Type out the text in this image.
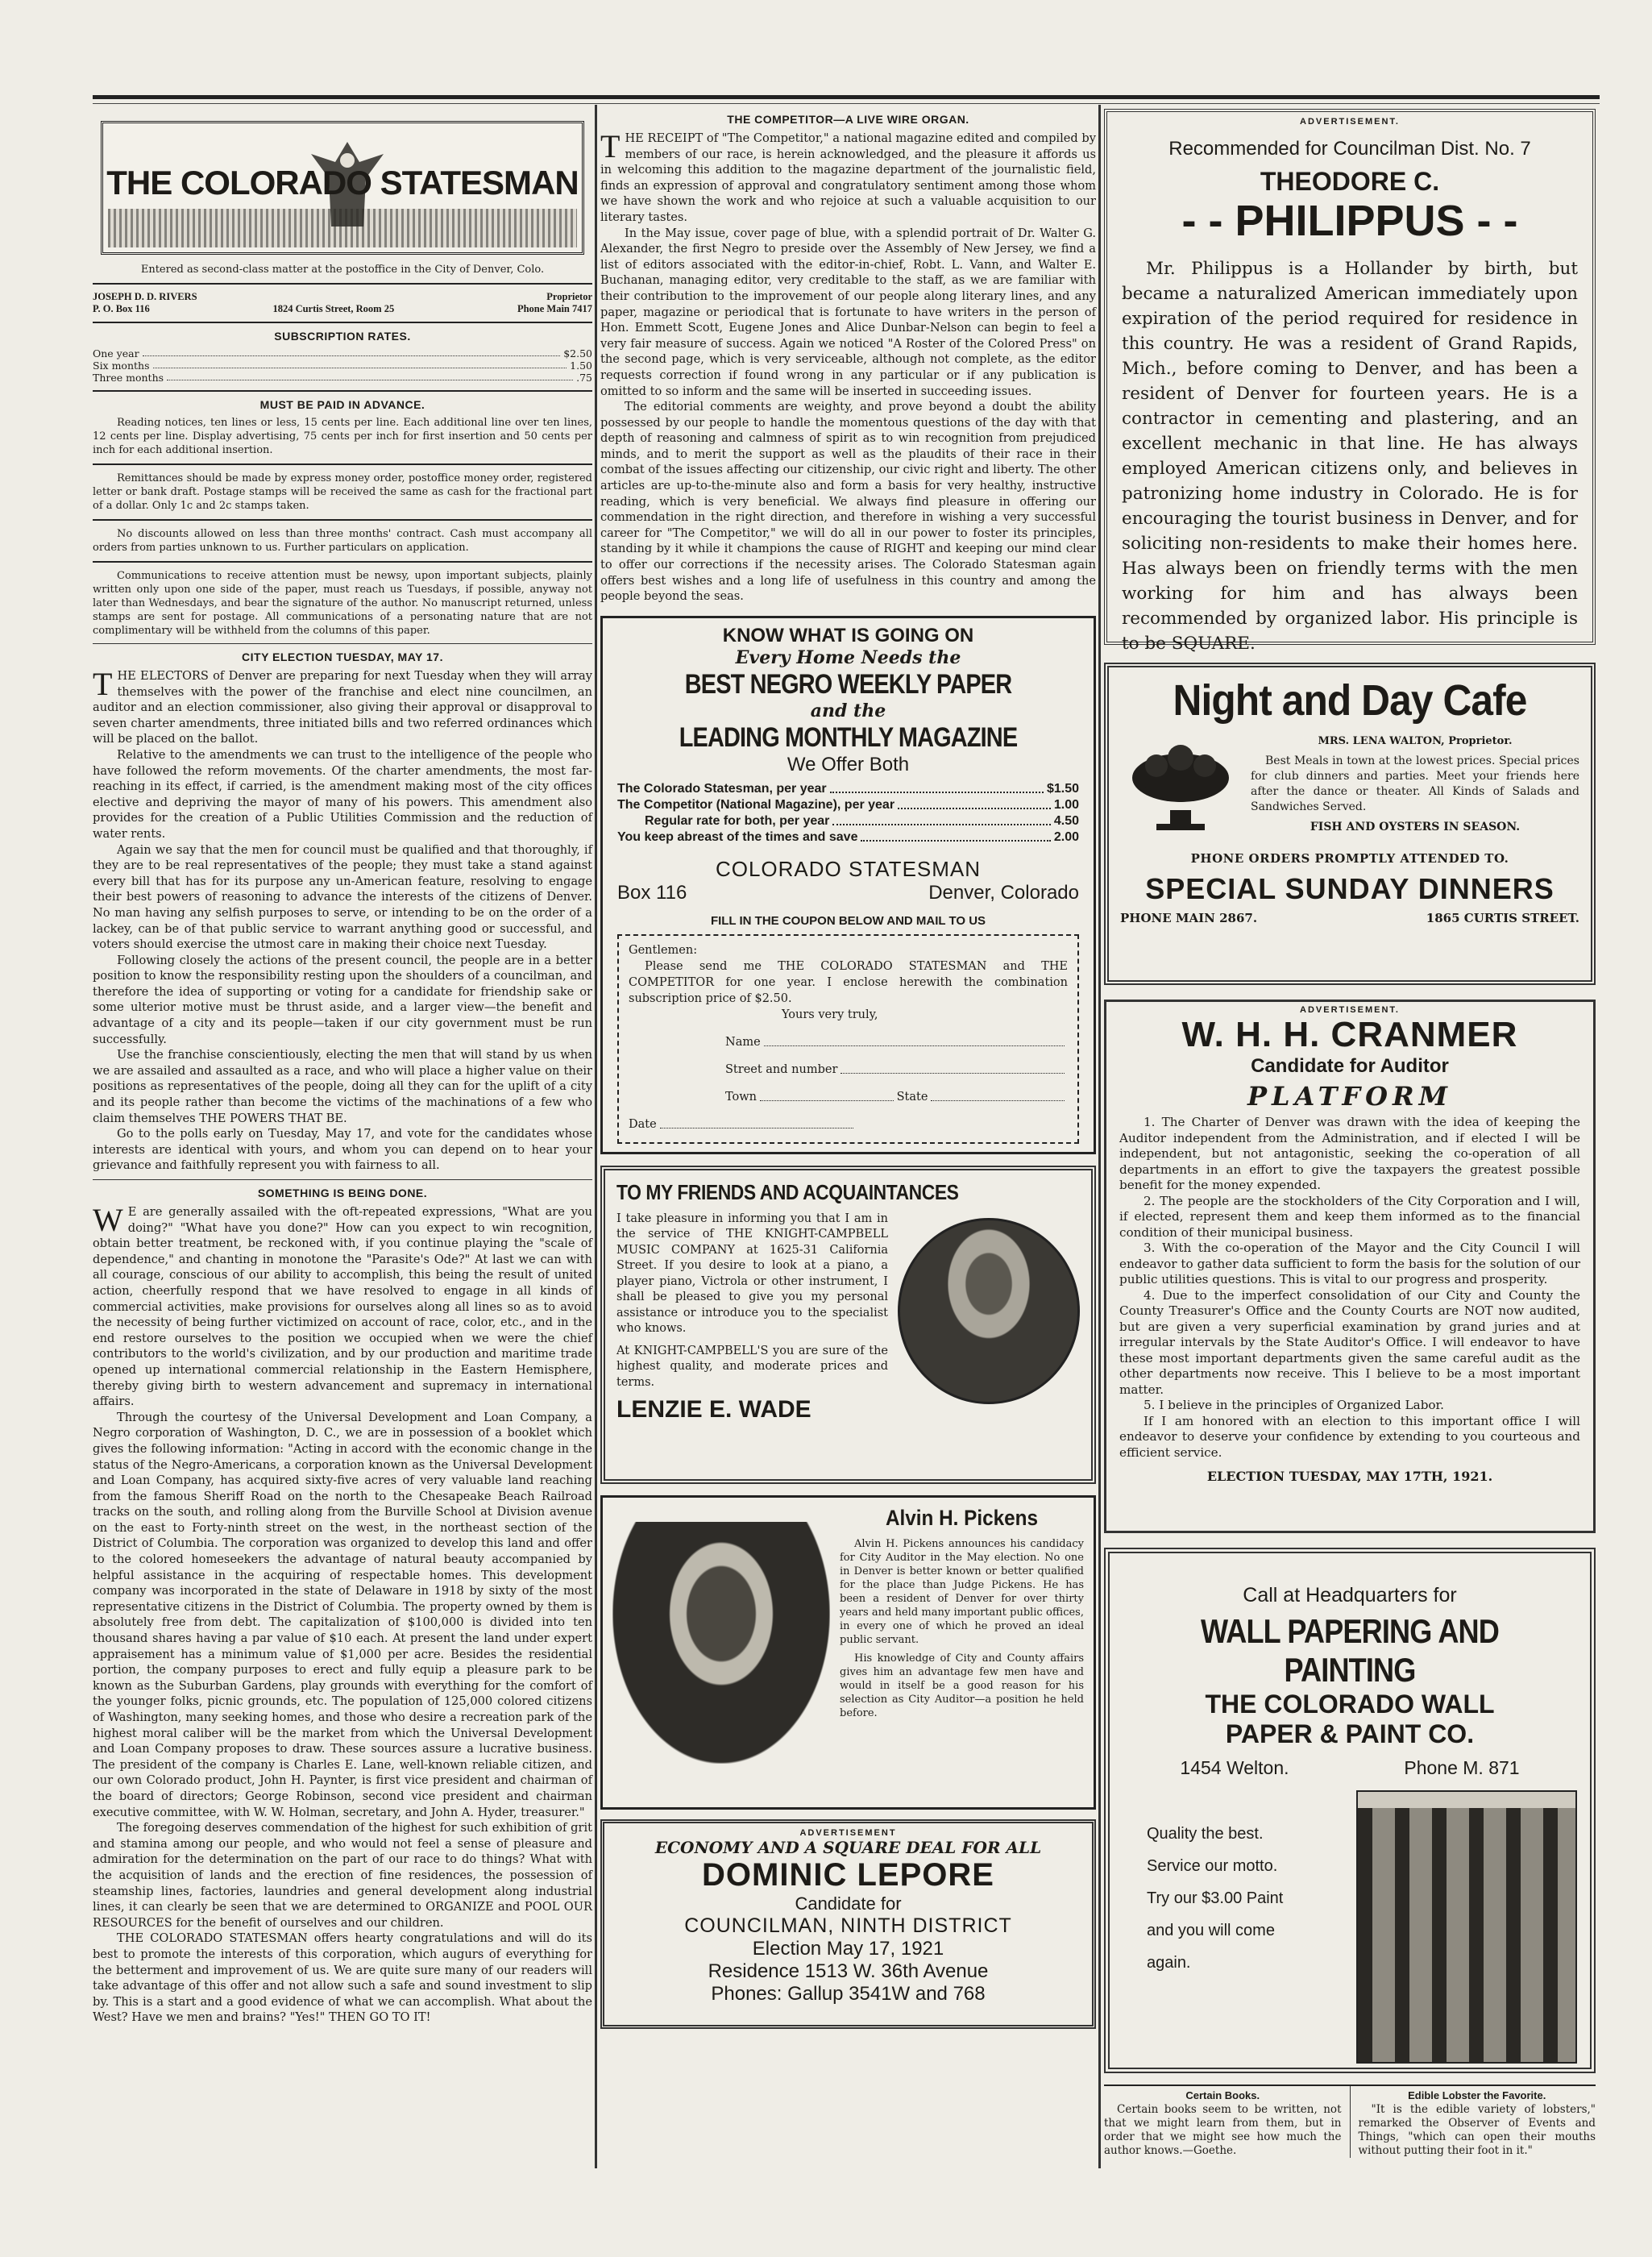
THE COLORADO STATESMAN

Entered as second-class matter at the postoffice in the City of Denver, Colo.

JOSEPH D. D. RIVERS	Proprietor
P. O. Box 116	1824 Curtis Street, Room 25	Phone Main 7417
SUBSCRIPTION RATES.
One year	$2.50
Six months	1.50
Three months	.75
MUST BE PAID IN ADVANCE.

Reading notices, ten lines or less, 15 cents per line. Each additional line over ten lines, 12 cents per line. Display advertising, 75 cents per inch for first insertion and 50 cents per inch for each additional insertion.

Remittances should be made by express money order, postoffice money order, registered letter or bank draft. Postage stamps will be received the same as cash for the fractional part of a dollar. Only 1c and 2c stamps taken.

No discounts allowed on less than three months' contract. Cash must accompany all orders from parties unknown to us. Further particulars on application.

Communications to receive attention must be newsy, upon important subjects, plainly written only upon one side of the paper, must reach us Tuesdays, if possible, anyway not later than Wednesdays, and bear the signature of the author. No manuscript returned, unless stamps are sent for postage. All communications of a personating nature that are not complimentary will be withheld from the columns of this paper.

CITY ELECTION TUESDAY, MAY 17.

THE ELECTORS of Denver are preparing for next Tuesday when they will array themselves with the power of the franchise and elect nine councilmen, an auditor and an election commissioner, also giving their approval or disapproval to seven charter amendments, three initiated bills and two referred ordinances which will be placed on the ballot.

Relative to the amendments we can trust to the intelligence of the people who have followed the reform movements. Of the charter amendments, the most far-reaching in its effect, if carried, is the amendment making most of the city offices elective and depriving the mayor of many of his powers. This amendment also provides for the creation of a Public Utilities Commission and the reduction of water rents.

Again we say that the men for council must be qualified and that thoroughly, if they are to be real representatives of the people; they must take a stand against every bill that has for its purpose any un-American feature, resolving to engage their best powers of reasoning to advance the interests of the citizens of Denver. No man having any selfish purposes to serve, or intending to be on the order of a lackey, can be of that public service to warrant anything good or successful, and voters should exercise the utmost care in making their choice next Tuesday.

Following closely the actions of the present council, the people are in a better position to know the responsibility resting upon the shoulders of a councilman, and therefore the idea of supporting or voting for a candidate for friendship sake or some ulterior motive must be thrust aside, and a larger view—the benefit and advantage of a city and its people—taken if our city government must be run successfully.

Use the franchise conscientiously, electing the men that will stand by us when we are assailed and assaulted as a race, and who will place a higher value on their positions as representatives of the people, doing all they can for the uplift of a city and its people rather than become the victims of the machinations of a few who claim themselves THE POWERS THAT BE.

Go to the polls early on Tuesday, May 17, and vote for the candidates whose interests are identical with yours, and whom you can depend on to hear your grievance and faithfully represent you with fairness to all.

SOMETHING IS BEING DONE.

W E are generally assailed with the oft-repeated expressions, "What are you doing?" "What have you done?" How can you expect to win recognition, obtain better treatment, be reckoned with, if you continue playing the "scale of dependence," and chanting in monotone the "Parasite's Ode?" At last we can with all courage, conscious of our ability to accomplish, this being the result of united action, cheerfully respond that we have resolved to engage in all kinds of commercial activities, make provisions for ourselves along all lines so as to avoid the necessity of being further victimized on account of race, color, etc., and in the end restore ourselves to the position we occupied when we were the chief contributors to the world's civilization, and by our production and maritime trade opened up international commercial relationship in the Eastern Hemisphere, thereby giving birth to western advancement and supremacy in international affairs.

Through the courtesy of the Universal Development and Loan Company, a Negro corporation of Washington, D. C., we are in possession of a booklet which gives the following information: "Acting in accord with the economic change in the status of the Negro-Americans, a corporation known as the Universal Development and Loan Company, has acquired sixty-five acres of very valuable land reaching from the famous Sheriff Road on the north to the Chesapeake Beach Railroad tracks on the south, and rolling along from the Burville School at Division avenue on the east to Forty-ninth street on the west, in the northeast section of the District of Columbia. The corporation was organized to develop this land and offer to the colored homeseekers the advantage of natural beauty accompanied by helpful assistance in the acquiring of respectable homes. This development company was incorporated in the state of Delaware in 1918 by sixty of the most representative citizens in the District of Columbia. The property owned by them is absolutely free from debt. The capitalization of $100,000 is divided into ten thousand shares having a par value of $10 each. At present the land under expert appraisement has a minimum value of $1,000 per acre. Besides the residential portion, the company purposes to erect and fully equip a pleasure park to be known as the Suburban Gardens, play grounds with everything for the comfort of the younger folks, picnic grounds, etc. The population of 125,000 colored citizens of Washington, many seeking homes, and those who desire a recreation park of the highest moral caliber will be the market from which the Universal Development and Loan Company proposes to draw. These sources assure a lucrative business. The president of the company is Charles E. Lane, well-known reliable citizen, and our own Colorado product, John H. Paynter, is first vice president and chairman of the board of directors; George Robinson, second vice president and chairman executive committee, with W. W. Holman, secretary, and John A. Hyder, treasurer."

The foregoing deserves commendation of the highest for such exhibition of grit and stamina among our people, and who would not feel a sense of pleasure and admiration for the determination on the part of our race to do things? What with the acquisition of lands and the erection of fine residences, the possession of steamship lines, factories, laundries and general development along industrial lines, it can clearly be seen that we are determined to ORGANIZE and POOL OUR RESOURCES for the benefit of ourselves and our children.

THE COLORADO STATESMAN offers hearty congratulations and will do its best to promote the interests of this corporation, which augurs of everything for the betterment and improvement of us. We are quite sure many of our readers will take advantage of this offer and not allow such a safe and sound investment to slip by. This is a start and a good evidence of what we can accomplish. What about the West? Have we men and brains? "Yes!" THEN GO TO IT!

THE COMPETITOR—A LIVE WIRE ORGAN.

THE RECEIPT of "The Competitor," a national magazine edited and compiled by members of our race, is herein acknowledged, and the pleasure it affords us in welcoming this addition to the magazine department of the journalistic field, finds an expression of approval and congratulatory sentiment among those whom we have shown the work and who rejoice at such a valuable acquisition to our literary tastes.

In the May issue, cover page of blue, with a splendid portrait of Dr. Walter G. Alexander, the first Negro to preside over the Assembly of New Jersey, we find a list of editors associated with the editor-in-chief, Robt. L. Vann, and Walter E. Buchanan, managing editor, very creditable to the staff, as we are familiar with their contribution to the improvement of our people along literary lines, and any paper, magazine or periodical that is fortunate to have writers in the person of Hon. Emmett Scott, Eugene Jones and Alice Dunbar-Nelson can begin to feel a very fair measure of success. Again we noticed "A Roster of the Colored Press" on the second page, which is very serviceable, although not complete, as the editor requests correction if found wrong in any particular or if any publication is omitted to so inform and the same will be inserted in succeeding issues.

The editorial comments are weighty, and prove beyond a doubt the ability possessed by our people to handle the momentous questions of the day with that depth of reasoning and calmness of spirit as to win recognition from prejudiced minds, and to merit the support as well as the plaudits of their race in their combat of the issues affecting our citizenship, our civic right and liberty. The other articles are up-to-the-minute also and form a basis for very healthy, instructive reading, which is very beneficial. We always find pleasure in offering our commendation in the right direction, and therefore in wishing a very successful career for "The Competitor," we will do all in our power to foster its principles, standing by it while it champions the cause of RIGHT and keeping our mind clear to offer our corrections if the necessity arises. The Colorado Statesman again offers best wishes and a long life of usefulness in this country and among the people beyond the seas.

KNOW WHAT IS GOING ON
Every Home Needs the
BEST NEGRO WEEKLY PAPER
and the
LEADING MONTHLY MAGAZINE
We Offer Both
The Colorado Statesman, per year	$1.50
The Competitor (National Magazine), per year	1.00
Regular rate for both, per year	4.50
You keep abreast of the times and save	2.00
COLORADO STATESMAN
Box 116	Denver, Colorado
FILL IN THE COUPON BELOW AND MAIL TO US
Gentlemen:
Please send me THE COLORADO STATESMAN and THE COMPETITOR for one year. I enclose herewith the combination subscription price of $2.50.
Yours very truly,
Name
Street and number
Town	State
Date
TO MY FRIENDS AND ACQUAINTANCES

I take pleasure in informing you that I am in the service of THE KNIGHT-CAMPBELL MUSIC COMPANY at 1625-31 California Street. If you desire to look at a piano, a player piano, Victrola or other instrument, I shall be pleased to give you my personal assistance or introduce you to the specialist who knows.

At KNIGHT-CAMPBELL'S you are sure of the highest quality, and moderate prices and terms.

LENZIE E. WADE
Alvin H. Pickens

Alvin H. Pickens announces his candidacy for City Auditor in the May election. No one in Denver is better known or better qualified for the place than Judge Pickens. He has been a resident of Denver for over thirty years and held many important public offices, in every one of which he proved an ideal public servant.

His knowledge of City and County affairs gives him an advantage few men have and would in itself be a good reason for his selection as City Auditor—a position he held before.

ADVERTISEMENT
ECONOMY AND A SQUARE DEAL FOR ALL
DOMINIC LEPORE
Candidate for
COUNCILMAN, NINTH DISTRICT
Election May 17, 1921
Residence 1513 W. 36th Avenue
Phones: Gallup 3541W and 768
ADVERTISEMENT.
Recommended for Councilman Dist. No. 7
THEODORE C.
- - PHILIPPUS - -

Mr. Philippus is a Hollander by birth, but became a naturalized American immediately upon expiration of the period required for residence in this country. He was a resident of Grand Rapids, Mich., before coming to Denver, and has been a resident of Denver for fourteen years. He is a contractor in cementing and plastering, and an excellent mechanic in that line. He has always employed American citizens only, and believes in patronizing home industry in Colorado. He is for encouraging the tourist business in Denver, and for soliciting non-residents to make their homes here. Has always been on friendly terms with the men working for him and has always been recommended by organized labor. His principle is to be SQUARE.

Night and Day Cafe
MRS. LENA WALTON, Proprietor.

Best Meals in town at the lowest prices. Special prices for club dinners and parties. Meet your friends here after the dance or theater. All Kinds of Salads and Sandwiches Served.

FISH AND OYSTERS IN SEASON.
PHONE ORDERS PROMPTLY ATTENDED TO.
SPECIAL SUNDAY DINNERS
PHONE MAIN 2867.	1865 CURTIS STREET.
ADVERTISEMENT.
W. H. H. CRANMER
Candidate for Auditor
PLATFORM

1. The Charter of Denver was drawn with the idea of keeping the Auditor independent from the Administration, and if elected I will be independent, but not antagonistic, seeking the co-operation of all departments in an effort to give the taxpayers the greatest possible benefit for the money expended.

2. The people are the stockholders of the City Corporation and I will, if elected, represent them and keep them informed as to the financial condition of their municipal business.

3. With the co-operation of the Mayor and the City Council I will endeavor to gather data sufficient to form the basis for the solution of our public utilities questions. This is vital to our progress and prosperity.

4. Due to the imperfect consolidation of our City and County the County Treasurer's Office and the County Courts are NOT now audited, but are given a very superficial examination by grand juries and at irregular intervals by the State Auditor's Office. I will endeavor to have these most important departments given the same careful audit as the other departments now receive. This I believe to be a most important matter.

5. I believe in the principles of Organized Labor.

If I am honored with an election to this important office I will endeavor to deserve your confidence by extending to you courteous and efficient service.

ELECTION TUESDAY, MAY 17TH, 1921.
Call at Headquarters for
WALL PAPERING AND PAINTING
THE COLORADO WALL
PAPER & PAINT CO.
1454 Welton.	Phone M. 871
Quality the best.
Service our motto.
Try our $3.00 Paint
and you will come
again.
Certain Books.

Certain books seem to be written, not that we might learn from them, but in order that we might see how much the author knows.—Goethe.

Edible Lobster the Favorite.

"It is the edible variety of lobsters," remarked the Observer of Events and Things, "which can open their mouths without putting their foot in it."
